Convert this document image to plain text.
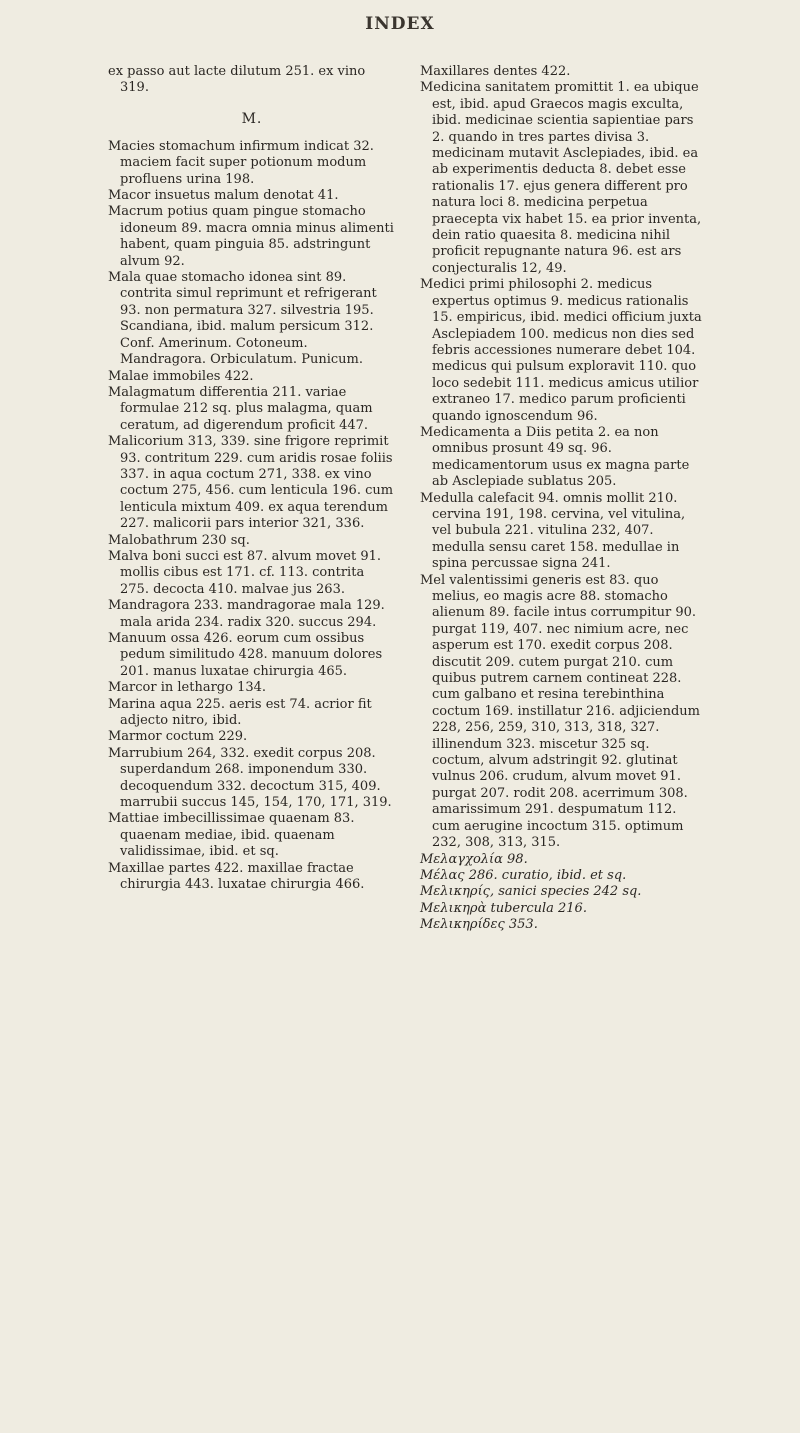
INDEX

ex passo aut lacte dilutum 251. ex vino 319.

M.

Macies stomachum infirmum indicat 32. maciem facit super potionum modum profluens urina 198.

Macor insuetus malum denotat 41.

Macrum potius quam pingue stomacho idoneum 89. macra omnia minus alimenti habent, quam pinguia 85. adstringunt alvum 92.

Mala quae stomacho idonea sint 89. contrita simul reprimunt et refrigerant 93. non permatura 327. silvestria 195. Scandiana, ibid. malum persicum 312. Conf. Amerinum. Cotoneum. Mandragora. Orbiculatum. Punicum.

Malae immobiles 422.

Malagmatum differentia 211. variae formulae 212 sq. plus malagma, quam ceratum, ad digerendum proficit 447.

Malicorium 313, 339. sine frigore reprimit 93. contritum 229. cum aridis rosae foliis 337. in aqua coctum 271, 338. ex vino coctum 275, 456. cum lenticula 196. cum lenticula mixtum 409. ex aqua terendum 227. malicorii pars interior 321, 336.

Malobathrum 230 sq.

Malva boni succi est 87. alvum movet 91. mollis cibus est 171. cf. 113. contrita 275. decocta 410. malvae jus 263.

Mandragora 233. mandragorae mala 129. mala arida 234. radix 320. succus 294.

Manuum ossa 426. eorum cum ossibus pedum similitudo 428. manuum dolores 201. manus luxatae chirurgia 465.

Marcor in lethargo 134.

Marina aqua 225. aeris est 74. acrior fit adjecto nitro, ibid.

Marmor coctum 229.

Marrubium 264, 332. exedit corpus 208. superdandum 268. imponendum 330. decoquendum 332. decoctum 315, 409. marrubii succus 145, 154, 170, 171, 319.

Mattiae imbecillissimae quaenam 83. quaenam mediae, ibid. quaenam validissimae, ibid. et sq.

Maxillae partes 422. maxillae fractae chirurgia 443. luxatae chirurgia 466.

Maxillares dentes 422.

Medicina sanitatem promittit 1. ea ubique est, ibid. apud Graecos magis exculta, ibid. medicinae scientia sapientiae pars 2. quando in tres partes divisa 3. medicinam mutavit Asclepiades, ibid. ea ab experimentis deducta 8. debet esse rationalis 17. ejus genera different pro natura loci 8. medicina perpetua praecepta vix habet 15. ea prior inventa, dein ratio quaesita 8. medicina nihil proficit repugnante natura 96. est ars conjecturalis 12, 49.

Medici primi philosophi 2. medicus expertus optimus 9. medicus rationalis 15. empiricus, ibid. medici officium juxta Asclepiadem 100. medicus non dies sed febris accessiones numerare debet 104. medicus qui pulsum exploravit 110. quo loco sedebit 111. medicus amicus utilior extraneo 17. medico parum proficienti quando ignoscendum 96.

Medicamenta a Diis petita 2. ea non omnibus prosunt 49 sq. 96. medicamentorum usus ex magna parte ab Asclepiade sublatus 205.

Medulla calefacit 94. omnis mollit 210. cervina 191, 198. cervina, vel vitulina, vel bubula 221. vitulina 232, 407. medulla sensu caret 158. medullae in spina percussae signa 241.

Mel valentissimi generis est 83. quo melius, eo magis acre 88. stomacho alienum 89. facile intus corrumpitur 90. purgat 119, 407. nec nimium acre, nec asperum est 170. exedit corpus 208. discutit 209. cutem purgat 210. cum quibus putrem carnem contineat 228. cum galbano et resina terebinthina coctum 169. instillatur 216. adjiciendum 228, 256, 259, 310, 313, 318, 327. illinendum 323. miscetur 325 sq. coctum, alvum adstringit 92. glutinat vulnus 206. crudum, alvum movet 91. purgat 207. rodit 208. acerrimum 308. amarissimum 291. despumatum 112. cum aerugine incoctum 315. optimum 232, 308, 313, 315.

Μελαγχολία 98.

Μέλας 286. curatio, ibid. et sq.

Μελικηρίς, sanici species 242 sq.

Μελικηρὰ tubercula 216.

Μελικηρίδες 353.
